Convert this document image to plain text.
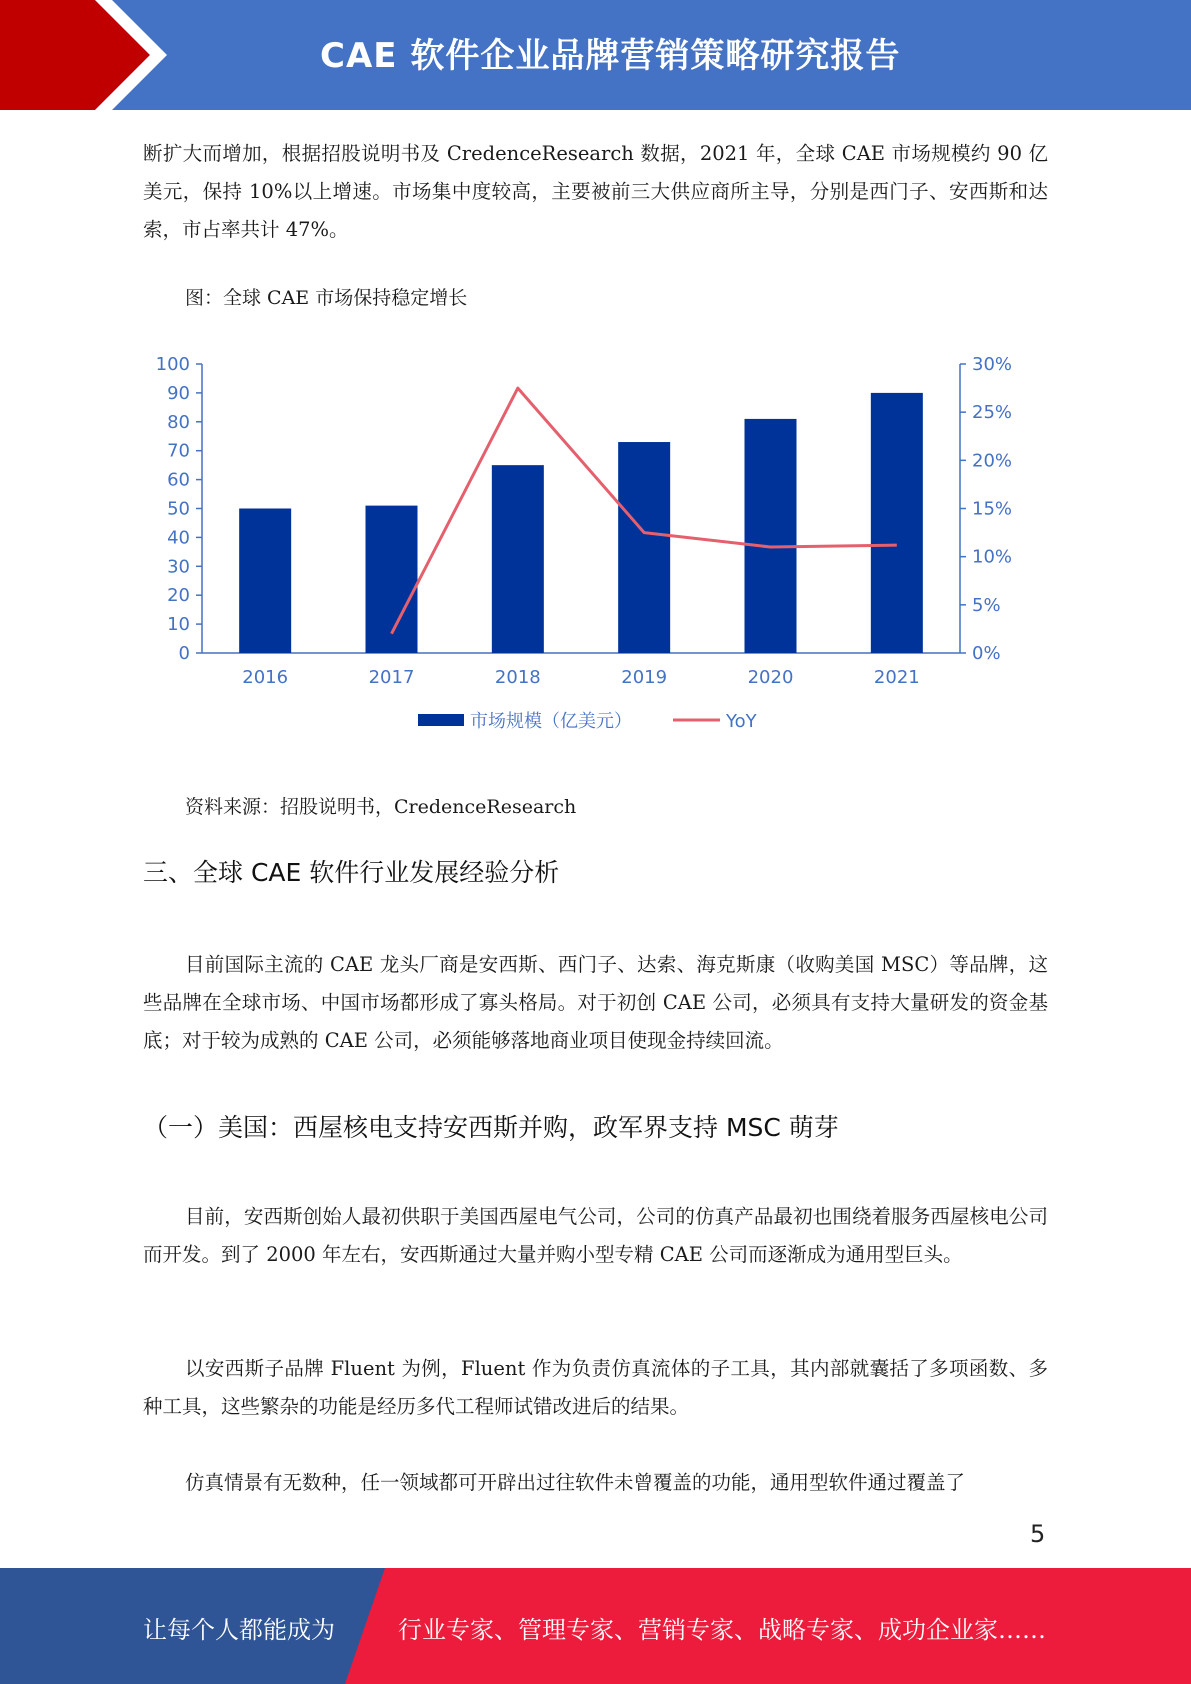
CAE 软件企业品牌营销策略研究报告

断扩大而增加，根据招股说明书及 CredenceResearch 数据，2021 年，全球 CAE 市场规模约 90 亿美元，保持 10%以上增速。市场集中度较高，主要被前三大供应商所主导，分别是西门子、安西斯和达索，市占率共计 47%。

图：全球 CAE 市场保持稳定增长
0
10
20
30
40
50
60
70
80
90
100
0%
5%
10%
15%
20%
25%
30%
2016	2017	2018	2019	2020	2021
市场规模（亿美元）	YoY
资料来源：招股说明书，CredenceResearch
三、全球 CAE 软件行业发展经验分析

目前国际主流的 CAE 龙头厂商是安西斯、西门子、达索、海克斯康（收购美国 MSC）等品牌，这些品牌在全球市场、中国市场都形成了寡头格局。对于初创 CAE 公司，必须具有支持大量研发的资金基底；对于较为成熟的 CAE 公司，必须能够落地商业项目使现金持续回流。

（一）美国：西屋核电支持安西斯并购，政军界支持 MSC 萌芽

目前，安西斯创始人最初供职于美国西屋电气公司，公司的仿真产品最初也围绕着服务西屋核电公司而开发。到了 2000 年左右，安西斯通过大量并购小型专精 CAE 公司而逐渐成为通用型巨头。

以安西斯子品牌 Fluent 为例，Fluent 作为负责仿真流体的子工具，其内部就囊括了多项函数、多种工具，这些繁杂的功能是经历多代工程师试错改进后的结果。

仿真情景有无数种，任一领域都可开辟出过往软件未曾覆盖的功能，通用型软件通过覆盖了

5
让每个人都能成为	行业专家、管理专家、营销专家、战略专家、成功企业家……
